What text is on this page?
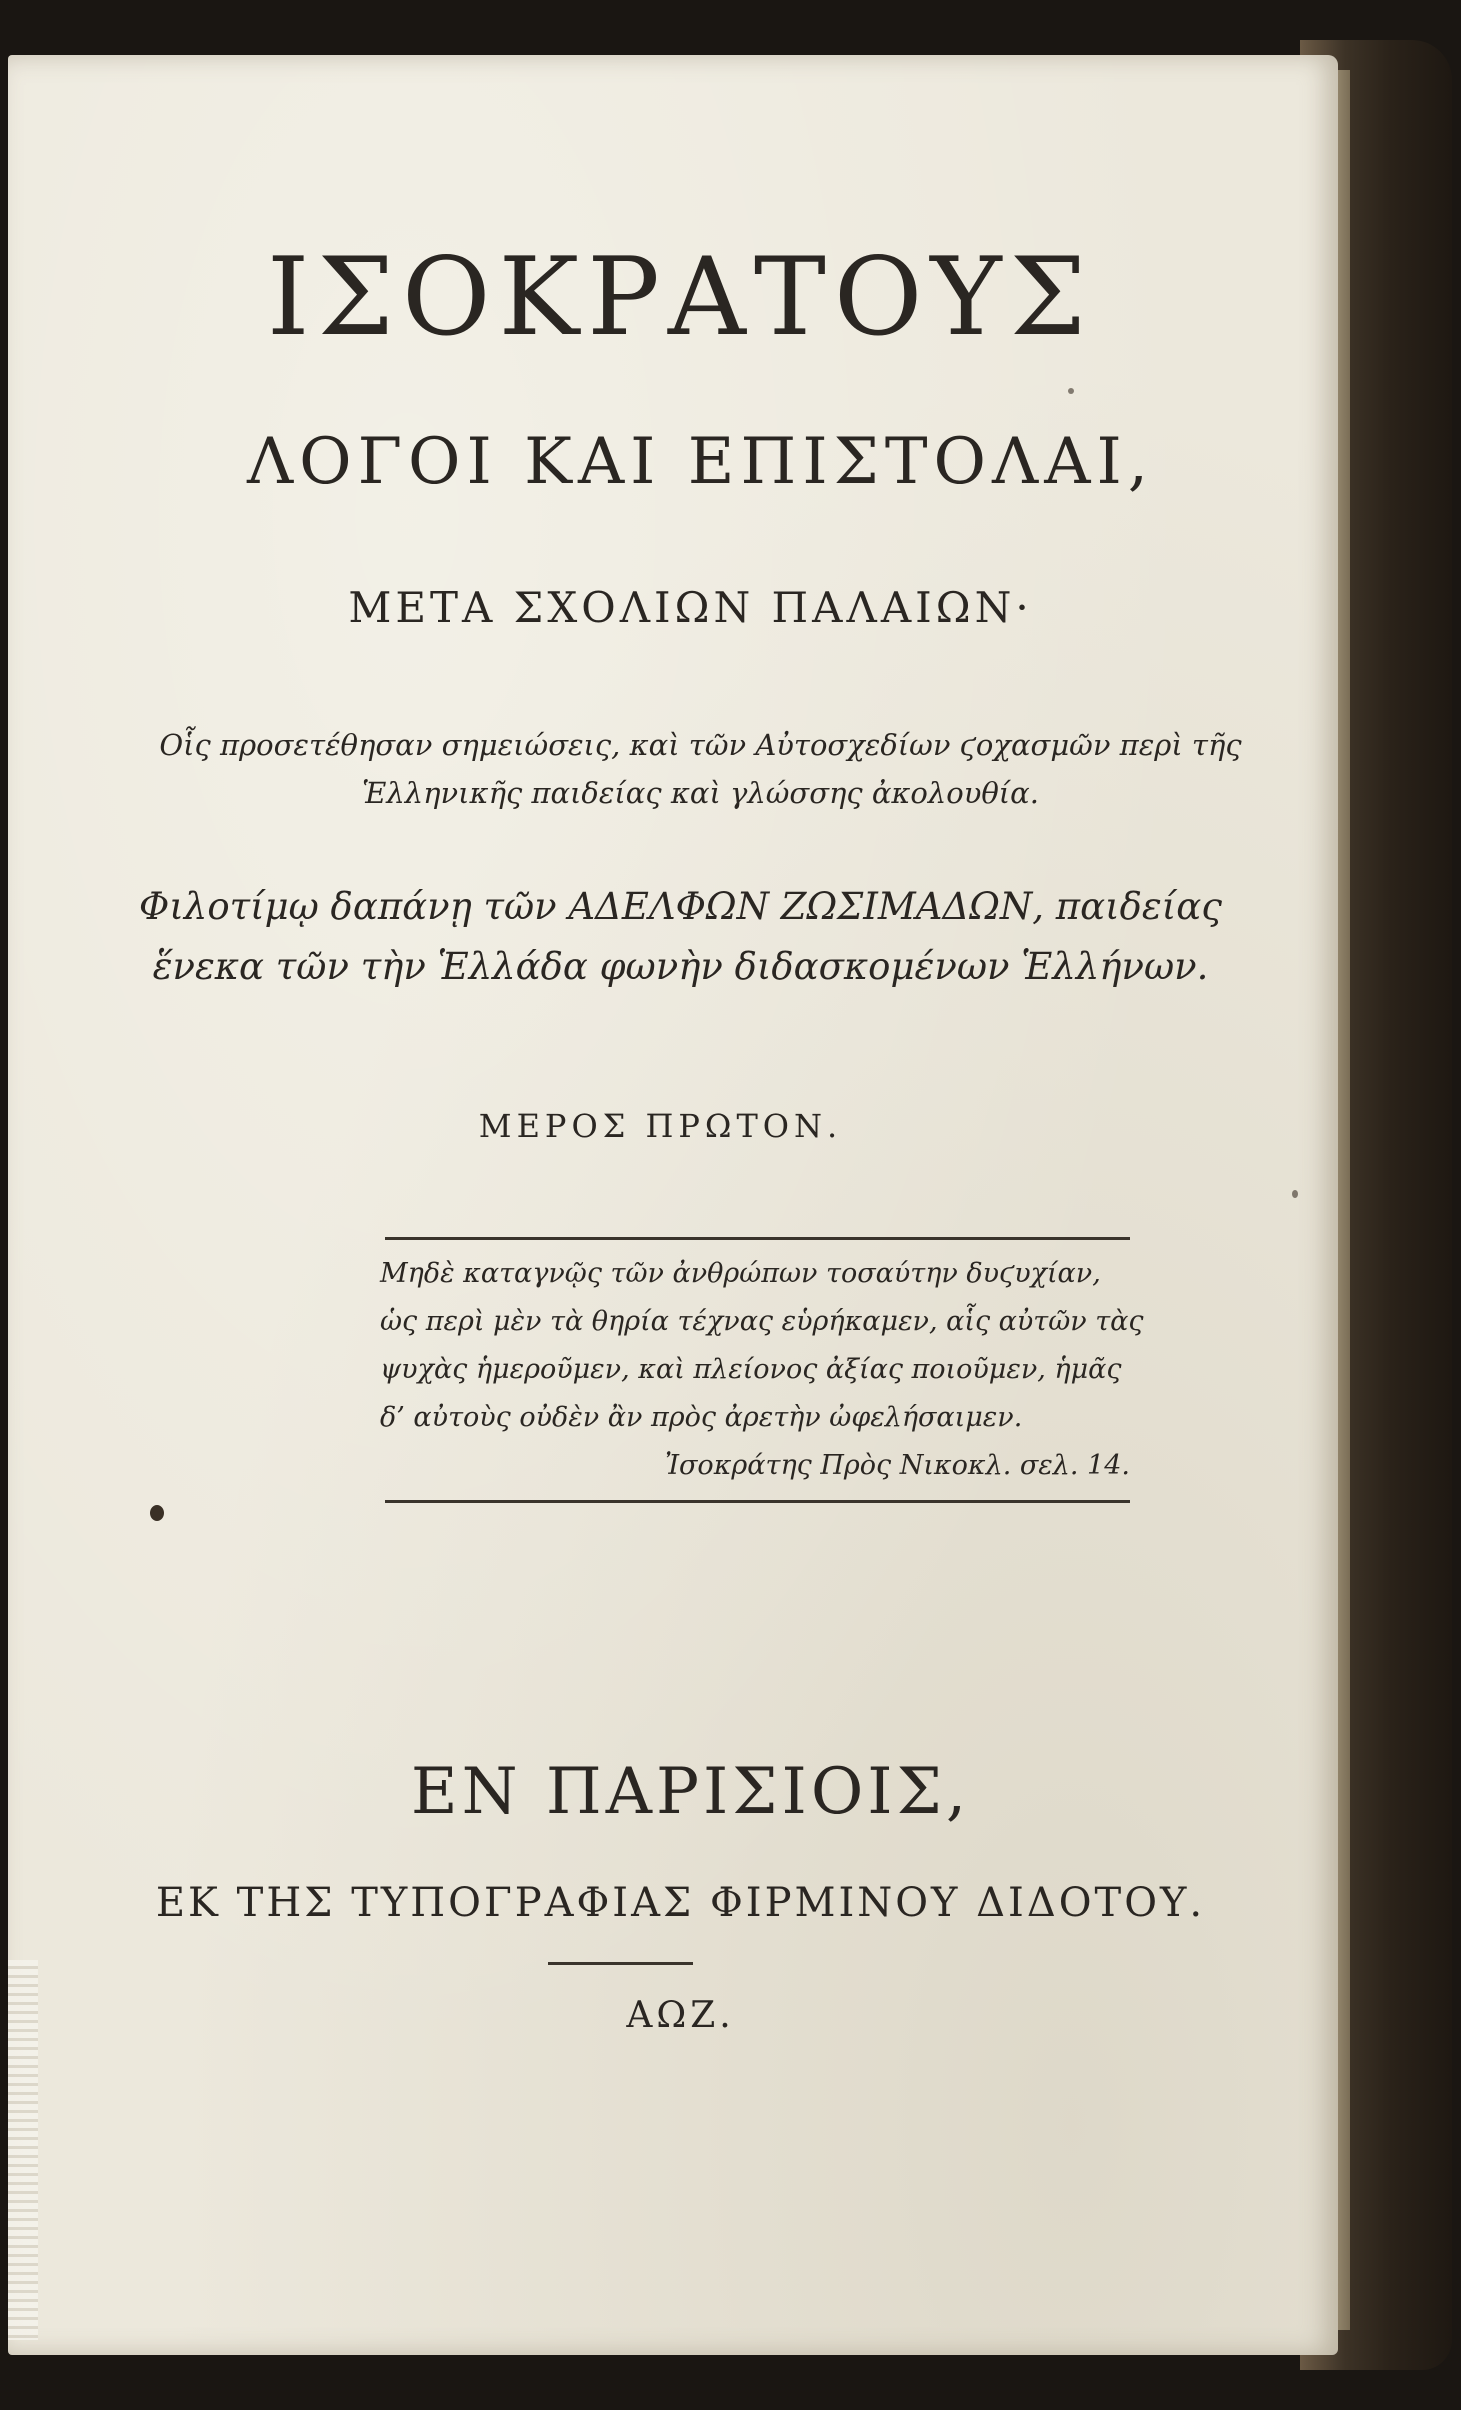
ΙΣΟΚΡΑΤΟΥΣ
ΛΟΓΟΙ ΚΑΙ ΕΠΙΣΤΟΛΑΙ,
ΜΕΤΑ ΣΧΟΛΙΩΝ ΠΑΛΑΙΩΝ·
Οἷς προσετέθησαν σημειώσεις, καὶ τῶν Αὐτοσχεδίων ϛοχασμῶν περὶ τῆς
Ἑλληνικῆς παιδείας καὶ γλώσσης ἀκολουθία.
Φιλοτίμῳ δαπάνῃ τῶν ΑΔΕΛΦΩΝ ΖΩΣΙΜΑΔΩΝ, παιδείας
ἕνεκα τῶν τὴν Ἑλλάδα φωνὴν διδασκομένων Ἑλλήνων.
ΜΕΡΟΣ ΠΡΩΤΟΝ.
Μηδὲ καταγνῷς τῶν ἀνθρώπων τοσαύτην δυϛυχίαν,
ὡς περὶ μὲν τὰ θηρία τέχνας εὑρήκαμεν, αἷς αὐτῶν τὰς
ψυχὰς ἡμεροῦμεν, καὶ πλείονος ἀξίας ποιοῦμεν, ἡμᾶς
δ’ αὐτοὺς οὐδὲν ἂν πρὸς ἀρετὴν ὠφελήσαιμεν.
Ἰσοκράτης Πρὸς Νικοκλ. σελ. 14.
ΕΝ ΠΑΡΙΣΙΟΙΣ,
ΕΚ ΤΗΣ ΤΥΠΟΓΡΑΦΙΑΣ ΦΙΡΜΙΝΟΥ ΔΙΔΟΤΟΥ.
ΑΩΖ.
